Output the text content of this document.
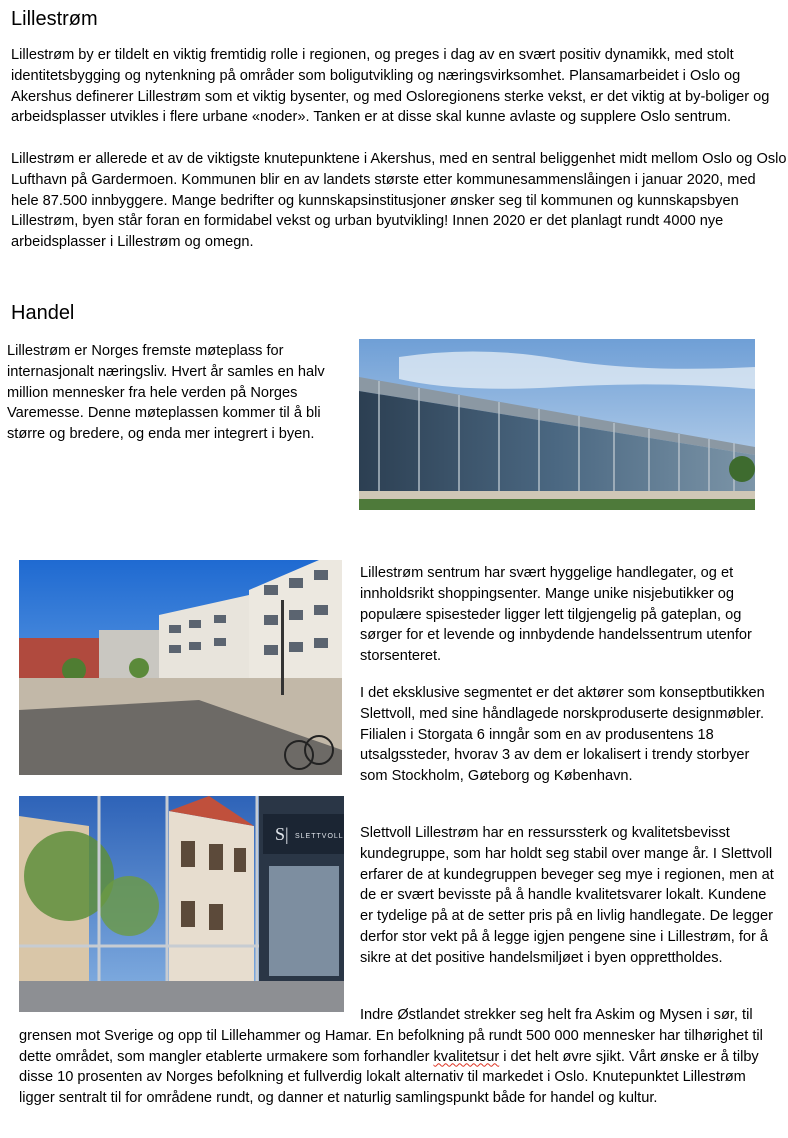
Lillestrøm

Lillestrøm by er tildelt en viktig fremtidig rolle i regionen, og preges i dag av en svært positiv dynamikk, med stolt identitetsbygging og nytenkning på områder som boligutvikling og næringsvirksomhet. Plansamarbeidet i Oslo og Akershus definerer Lillestrøm som et viktig bysenter, og med Osloregionens sterke vekst, er det viktig at by-boliger og arbeidsplasser utvikles i flere urbane «noder». Tanken er at disse skal kunne avlaste og supplere Oslo sentrum.

Lillestrøm er allerede et av de viktigste knutepunktene i Akershus, med en sentral beliggenhet midt mellom Oslo og Oslo Lufthavn på Gardermoen. Kommunen blir en av landets største etter kommunesammenslåingen i januar 2020, med hele 87.500 innbyggere. Mange bedrifter og kunnskapsinstitusjoner ønsker seg til kommunen og kunnskapsbyen Lillestrøm, byen står foran en formidabel vekst og urban byutvikling! Innen 2020 er det planlagt rundt 4000 nye arbeidsplasser i Lillestrøm og omegn.

Handel

Lillestrøm er Norges fremste møteplass for internasjonalt næringsliv. Hvert år samles en halv million mennesker fra hele verden på Norges Varemesse. Denne møteplassen kommer til å bli større og bredere, og enda mer integrert i byen.

S| SLETTVOLL

Lillestrøm sentrum har svært hyggelige handlegater, og et innholdsrikt shoppingsenter. Mange unike nisjebutikker og populære spisesteder ligger lett tilgjengelig på gateplan, og sørger for et levende og innbydende handelssentrum utenfor storsenteret.

I det eksklusive segmentet er det aktører som konseptbutikken Slettvoll, med sine håndlagede norskproduserte designmøbler. Filialen i Storgata 6 inngår som en av produsentens 18 utsalgssteder, hvorav 3 av dem er lokalisert i trendy storbyer som Stockholm, Gøteborg og København.

Slettvoll Lillestrøm har en ressurssterk og kvalitetsbevisst kundegruppe, som har holdt seg stabil over mange år. I Slettvoll erfarer de at kundegruppen beveger seg mye i regionen, men at de er svært bevisste på å handle kvalitetsvarer lokalt. Kundene er tydelige på at de setter pris på en livlig handlegate. De legger derfor stor vekt på å legge igjen pengene sine i Lillestrøm, for å sikre at det positive handelsmiljøet i byen opprettholdes.

Indre Østlandet strekker seg helt fra Askim og Mysen i sør, til grensen mot Sverige og opp til Lillehammer og Hamar. En befolkning på rundt 500 000 mennesker har tilhørighet til dette området, som mangler etablerte urmakere som forhandler kvalitetsur i det helt øvre sjikt. Vårt ønske er å tilby disse 10 prosenten av Norges befolkning et fullverdig lokalt alternativ til markedet i Oslo. Knutepunktet Lillestrøm ligger sentralt til for områdene rundt, og danner et naturlig samlingspunkt både for handel og kultur.
